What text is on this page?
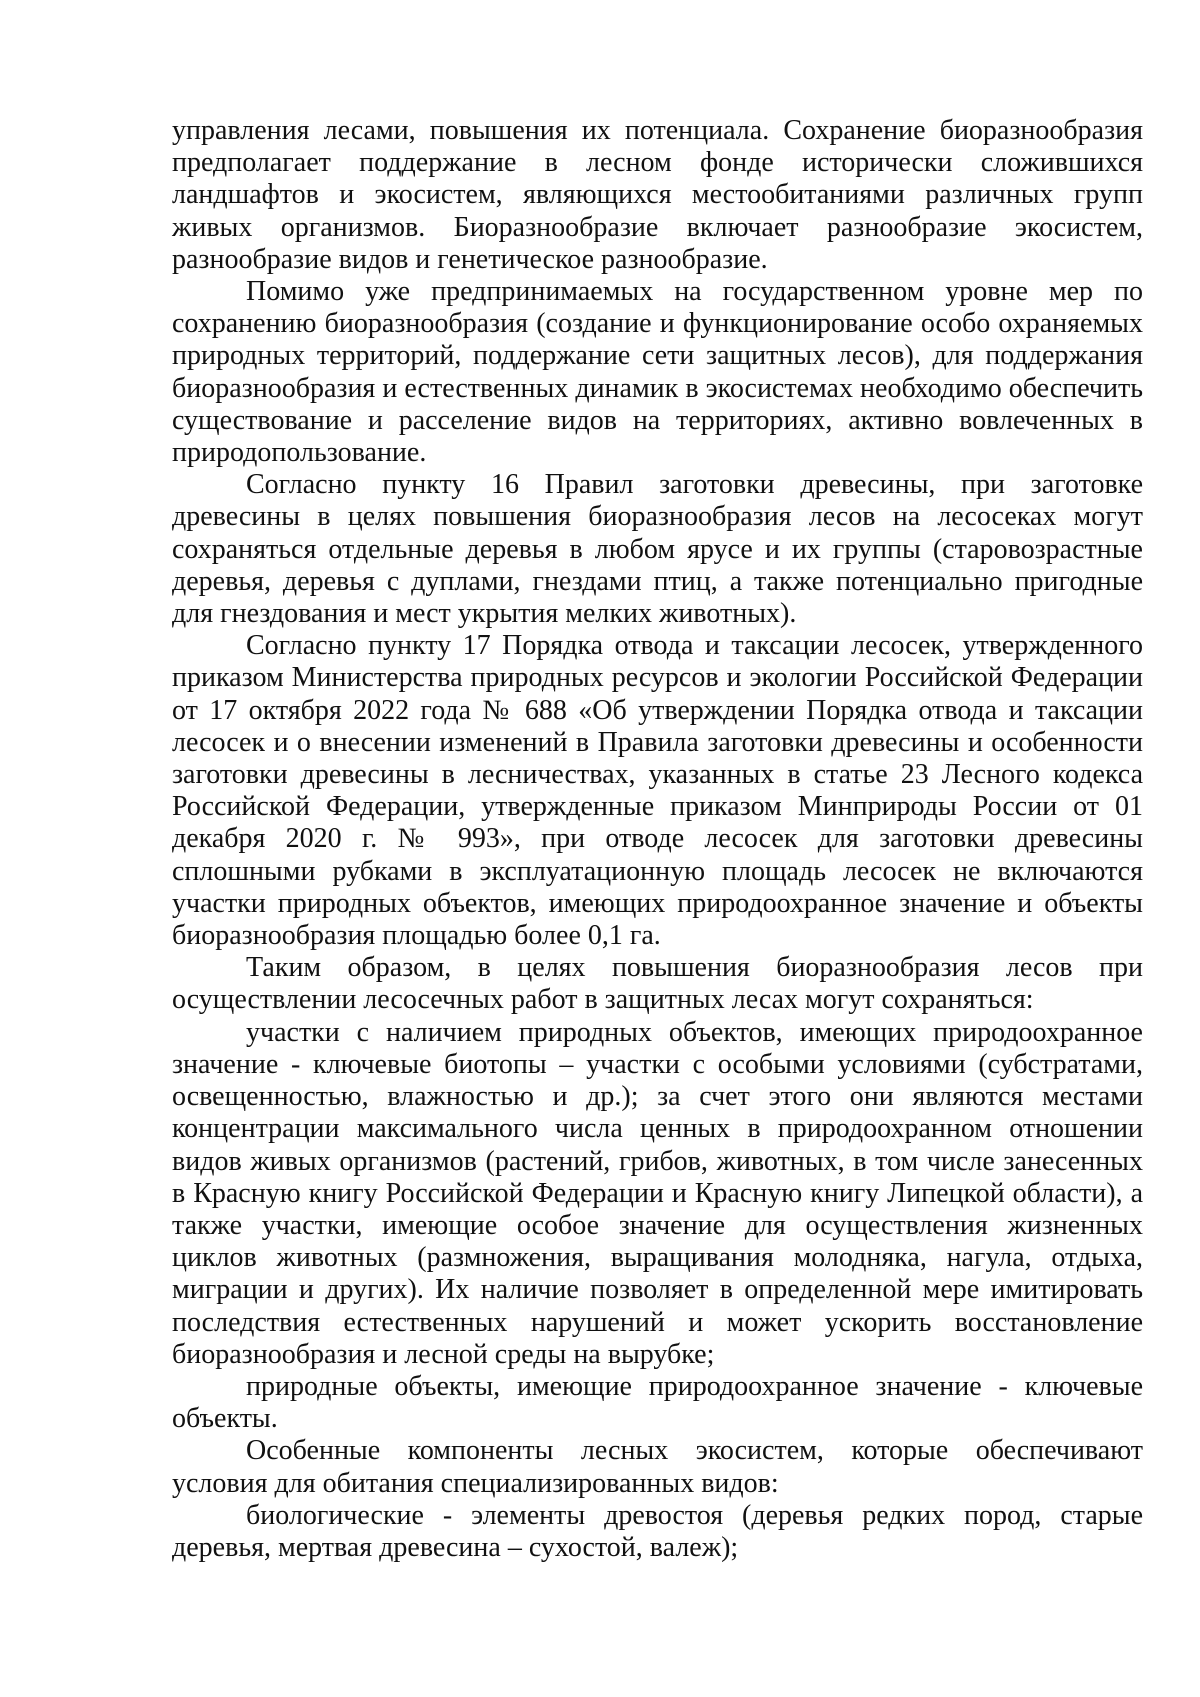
управления лесами, повышения их потенциала. Сохранение биоразнообразия предполагает поддержание в лесном фонде исторически сложившихся ландшафтов и экосистем, являющихся местообитаниями различных групп живых организмов. Биоразнообразие включает разнообразие экосистем, разнообразие видов и генетическое разнообразие.

Помимо уже предпринимаемых на государственном уровне мер по сохранению биоразнообразия (создание и функционирование особо охраняемых природных территорий, поддержание сети защитных лесов), для поддержания биоразнообразия и естественных динамик в экосистемах необходимо обеспечить существование и расселение видов на территориях, активно вовлеченных в природопользование.

Согласно пункту 16 Правил заготовки древесины, при заготовке древесины в целях повышения биоразнообразия лесов на лесосеках могут сохраняться отдельные деревья в любом ярусе и их группы (старовозрастные деревья, деревья с дуплами, гнездами птиц, а также потенциально пригодные для гнездования и мест укрытия мелких животных).

Согласно пункту 17 Порядка отвода и таксации лесосек, утвержденного приказом Министерства природных ресурсов и экологии Российской Федерации от 17 октября 2022 года № 688 «Об утверждении Порядка отвода и таксации лесосек и о внесении изменений в Правила заготовки древесины и особенности заготовки древесины в лесничествах, указанных в статье 23 Лесного кодекса Российской Федерации, утвержденные приказом Минприроды России от 01 декабря 2020 г. № 993», при отводе лесосек для заготовки древесины сплошными рубками в эксплуатационную площадь лесосек не включаются участки природных объектов, имеющих природоохранное значение и объекты биоразнообразия площадью более 0,1 га.

Таким образом, в целях повышения биоразнообразия лесов при осуществлении лесосечных работ в защитных лесах могут сохраняться:

участки с наличием природных объектов, имеющих природоохранное значение - ключевые биотопы – участки с особыми условиями (субстратами, освещенностью, влажностью и др.); за счет этого они являются местами концентрации максимального числа ценных в природоохранном отношении видов живых организмов (растений, грибов, животных, в том числе занесенных в Красную книгу Российской Федерации и Красную книгу Липецкой области), а также участки, имеющие особое значение для осуществления жизненных циклов животных (размножения, выращивания молодняка, нагула, отдыха, миграции и других). Их наличие позволяет в определенной мере имитировать последствия естественных нарушений и может ускорить восстановление биоразнообразия и лесной среды на вырубке;

природные объекты, имеющие природоохранное значение - ключевые объекты.

Особенные компоненты лесных экосистем, которые обеспечивают условия для обитания специализированных видов:

биологические - элементы древостоя (деревья редких пород, старые деревья, мертвая древесина – сухостой, валеж);
